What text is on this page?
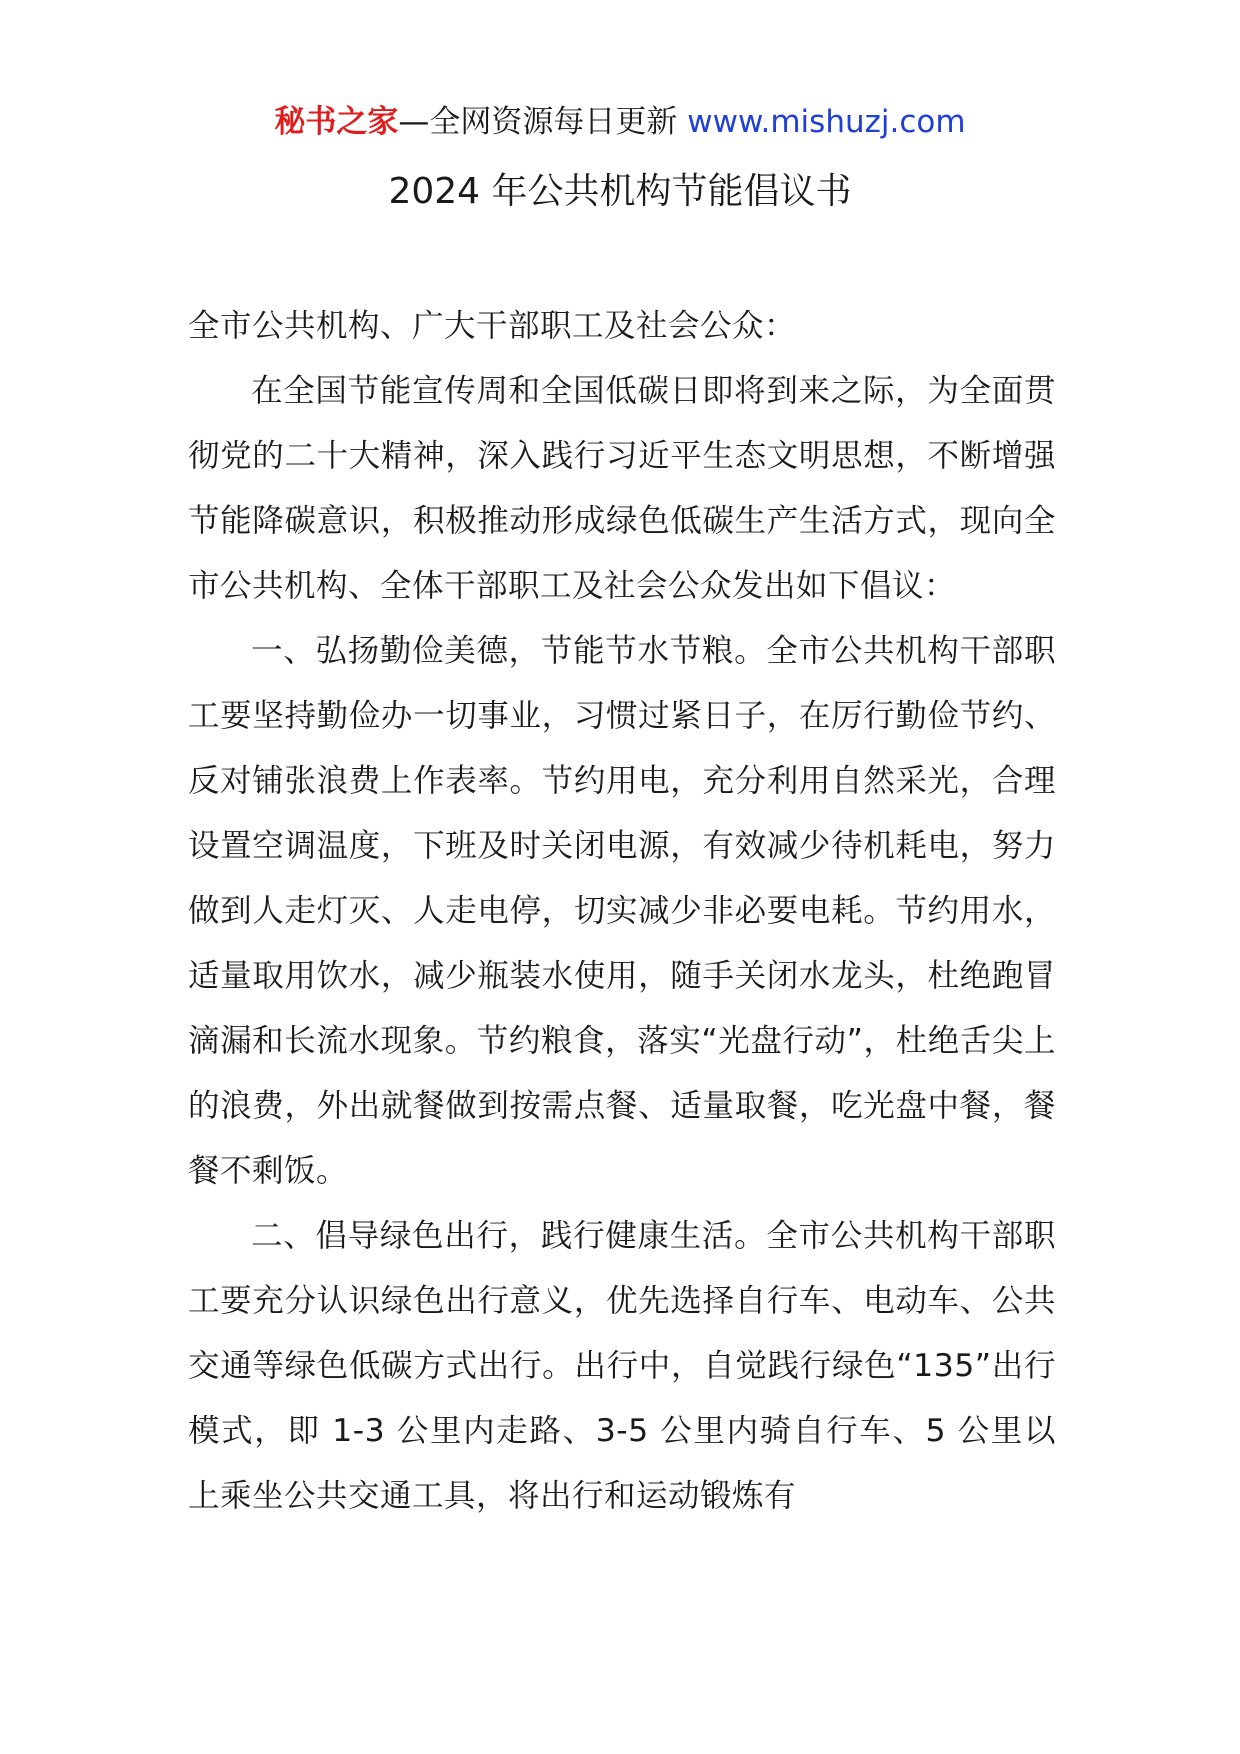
秘书之家—全网资源每日更新 www.mishuzj.com
2024 年公共机构节能倡议书

全市公共机构、广大干部职工及社会公众：

在全国节能宣传周和全国低碳日即将到来之际，为全面贯彻党的二十大精神，深入践行习近平生态文明思想，不断增强节能降碳意识，积极推动形成绿色低碳生产生活方式，现向全市公共机构、全体干部职工及社会公众发出如下倡议：

一、弘扬勤俭美德，节能节水节粮。全市公共机构干部职工要坚持勤俭办一切事业，习惯过紧日子，在厉行勤俭节约、反对铺张浪费上作表率。节约用电，充分利用自然采光，合理设置空调温度，下班及时关闭电源，有效减少待机耗电，努力做到人走灯灭、人走电停，切实减少非必要电耗。节约用水，适量取用饮水，减少瓶装水使用，随手关闭水龙头，杜绝跑冒滴漏和长流水现象。节约粮食，落实“光盘行动”，杜绝舌尖上的浪费，外出就餐做到按需点餐、适量取餐，吃光盘中餐，餐餐不剩饭。

二、倡导绿色出行，践行健康生活。全市公共机构干部职工要充分认识绿色出行意义，优先选择自行车、电动车、公共交通等绿色低碳方式出行。出行中，自觉践行绿色“135”出行模式，即 1-3 公里内走路、3-5 公里内骑自行车、5 公里以上乘坐公共交通工具，将出行和运动锻炼有
